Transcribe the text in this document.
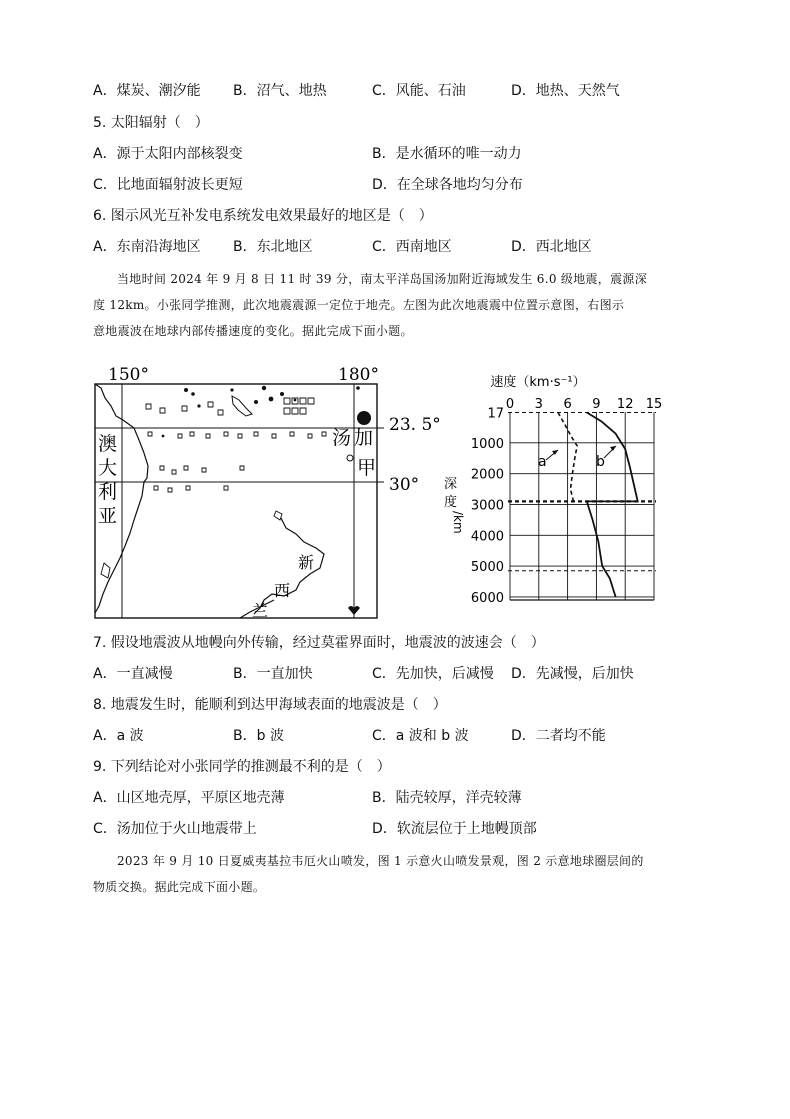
A．煤炭、潮汐能 B．沼气、地热	C．风能、石油	D．地热、天然气
5. 太阳辐射（　）
A．源于太阳内部核裂变	B．是水循环的唯一动力
C．比地面辐射波长更短	D．在全球各地均匀分布
6. 图示风光互补发电系统发电效果最好的地区是（　）
A．东南沿海地区 B．东北地区	C．西南地区	D．西北地区
当地时间 2024 年 9 月 8 日 11 时 39 分，南太平洋岛国汤加附近海域发生 6.0 级地震，震源深
度 12km。小张同学推测，此次地震震源一定位于地壳。左图为此次地震震中位置示意图，右图示
意地震波在地球内部传播速度的变化。据此完成下面小题。
150°	180°
23. 5°
30°
澳
大
利
亚
汤 加
甲
新
西
兰
速度（km·s⁻¹）
0 3 6 9 12 15
17
1000
2000
3000
4000
5000
6000
深
度
/km
a	b
7. 假设地震波从地幔向外传输，经过莫霍界面时，地震波的波速会（　）
A．一直减慢	B．一直加快	C．先加快，后减慢 D．先减慢，后加快
8. 地震发生时，能顺利到达甲海域表面的地震波是（　）
A．a 波	B．b 波	C．a 波和 b 波	D．二者均不能
9. 下列结论对小张同学的推测最不利的是（　）
A．山区地壳厚，平原区地壳薄	B．陆壳较厚，洋壳较薄
C．汤加位于火山地震带上	D．软流层位于上地幔顶部
2023 年 9 月 10 日夏威夷基拉韦厄火山喷发，图 1 示意火山喷发景观，图 2 示意地球圈层间的
物质交换。据此完成下面小题。
